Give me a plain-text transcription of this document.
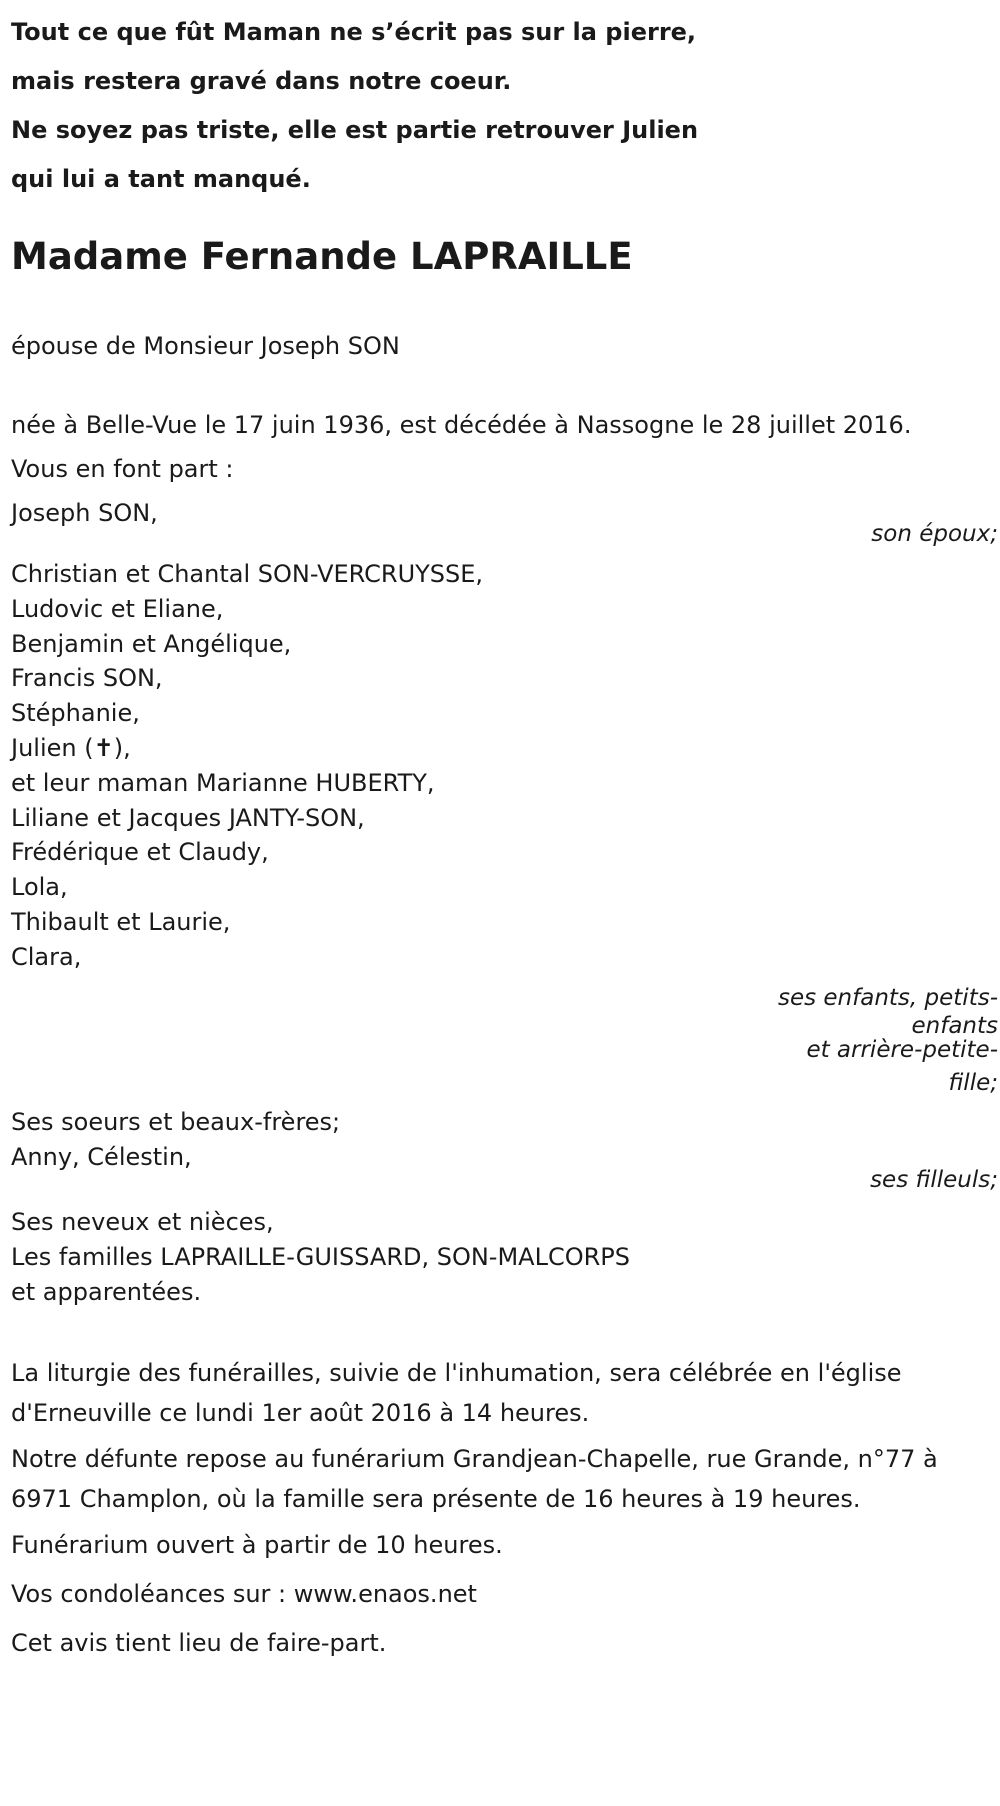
Tout ce que fût Maman ne s’écrit pas sur la pierre,
mais restera gravé dans notre coeur.
Ne soyez pas triste, elle est partie retrouver Julien
qui lui a tant manqué.
Madame Fernande LAPRAILLE
épouse de Monsieur Joseph SON
née à Belle-Vue le 17 juin 1936, est décédée à Nassogne le 28 juillet 2016.
Vous en font part :
Joseph SON,
son époux;
Christian et Chantal SON-VERCRUYSSE,
Ludovic et Eliane,
Benjamin et Angélique,
Francis SON,
Stéphanie,
Julien (✝),
et leur maman Marianne HUBERTY,
Liliane et Jacques JANTY-SON,
Frédérique et Claudy,
Lola,
Thibault et Laurie,
Clara,
ses enfants, petits-
enfants
et arrière-petite-
fille;
Ses soeurs et beaux-frères;
Anny, Célestin,
ses filleuls;
Ses neveux et nièces,
Les familles LAPRAILLE-GUISSARD, SON-MALCORPS
et apparentées.
La liturgie des funérailles, suivie de l'inhumation, sera célébrée en l'église d'Erneuville ce lundi 1er août 2016 à 14 heures.
Notre défunte repose au funérarium Grandjean-Chapelle, rue Grande, n°77 à 6971 Champlon, où la famille sera présente de 16 heures à 19 heures.
Funérarium ouvert à partir de 10 heures.
Vos condoléances sur : www.enaos.net
Cet avis tient lieu de faire-part.
